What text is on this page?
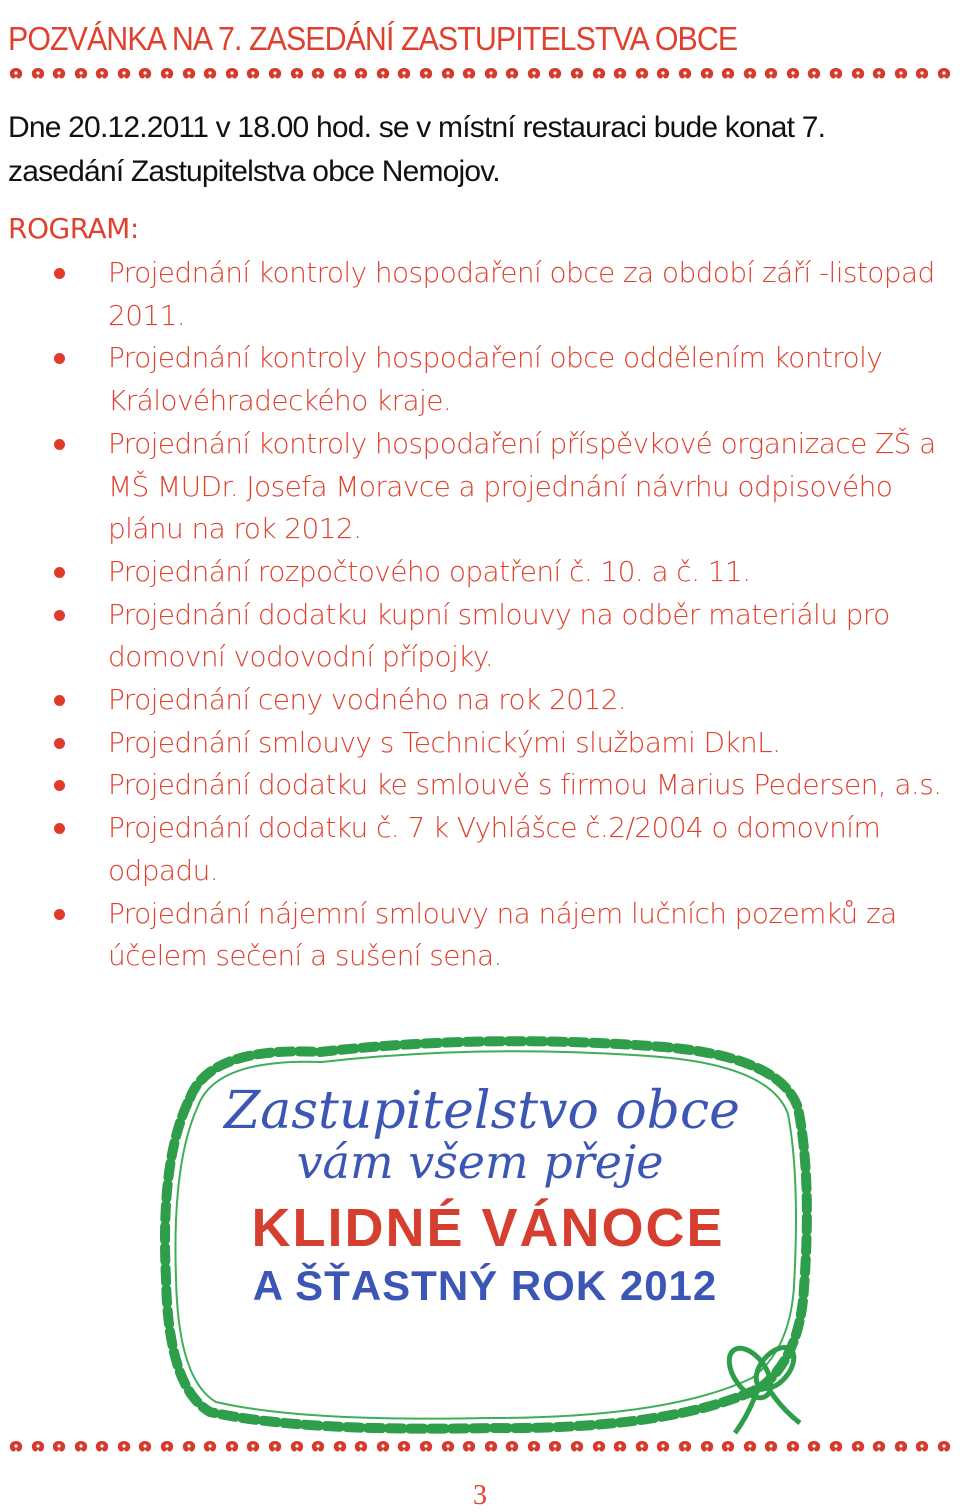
POZVÁNKA NA 7. ZASEDÁNÍ ZASTUPITELSTVA OBCE

Dne 20.12.2011 v 18.00 hod. se v místní restauraci bude konat 7. zasedání Zastupitelstva obce Nemojov.

ROGRAM:
Projednání kontroly hospodaření obce za období září -listopad 2011.
Projednání kontroly hospodaření obce oddělením kontroly Královéhradeckého kraje.
Projednání kontroly hospodaření příspěvkové organizace ZŠ a MŠ MUDr. Josefa Moravce a projednání návrhu odpisového plánu na rok 2012.
Projednání rozpočtového opatření č. 10. a č. 11.
Projednání dodatku kupní smlouvy na odběr materiálu pro domovní vodovodní přípojky.
Projednání ceny vodného na rok 2012.
Projednání smlouvy s Technickými službami DknL.
Projednání dodatku ke smlouvě s firmou Marius Pedersen, a.s.
Projednání dodatku č. 7 k Vyhlášce č.2/2004 o domovním odpadu.
Projednání nájemní smlouvy na nájem lučních pozemků za účelem sečení a sušení sena.
Zastupitelstvo obce
vám všem přeje
KLIDNÉ VÁNOCE
A ŠŤASTNÝ ROK 2012
3
